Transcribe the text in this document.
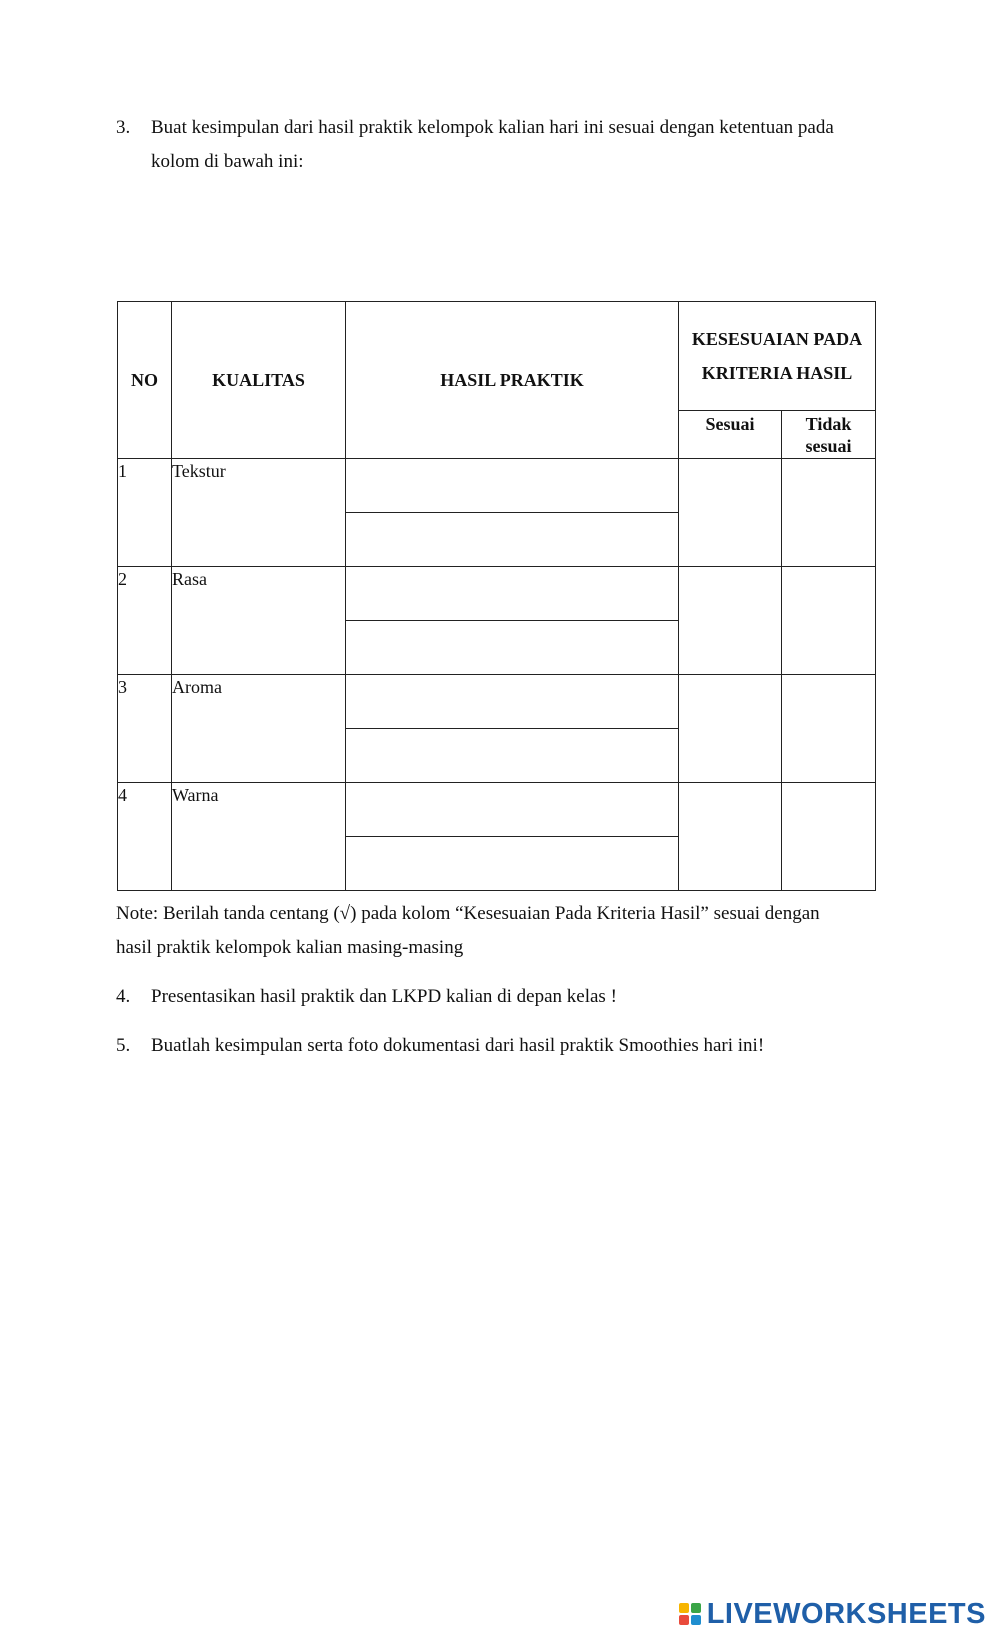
3.	Buat kesimpulan dari hasil praktik kelompok kalian hari ini sesuai dengan ketentuan pada
kolom di bawah ini:
NO	KUALITAS	HASIL PRAKTIK	KESESUAIAN PADA KRITERIA HASIL	
			Sesuai	Tidak sesuai
1	Tekstur			

2	Rasa			

3	Aroma			

4	Warna			

Note: Berilah tanda centang (√) pada kolom “Kesesuaian Pada Kriteria Hasil” sesuai dengan
hasil praktik kelompok kalian masing-masing
4.	Presentasikan hasil praktik dan LKPD kalian di depan kelas !
5.	Buatlah kesimpulan serta foto dokumentasi dari hasil praktik Smoothies hari ini!
LIVEWORKSHEETS
